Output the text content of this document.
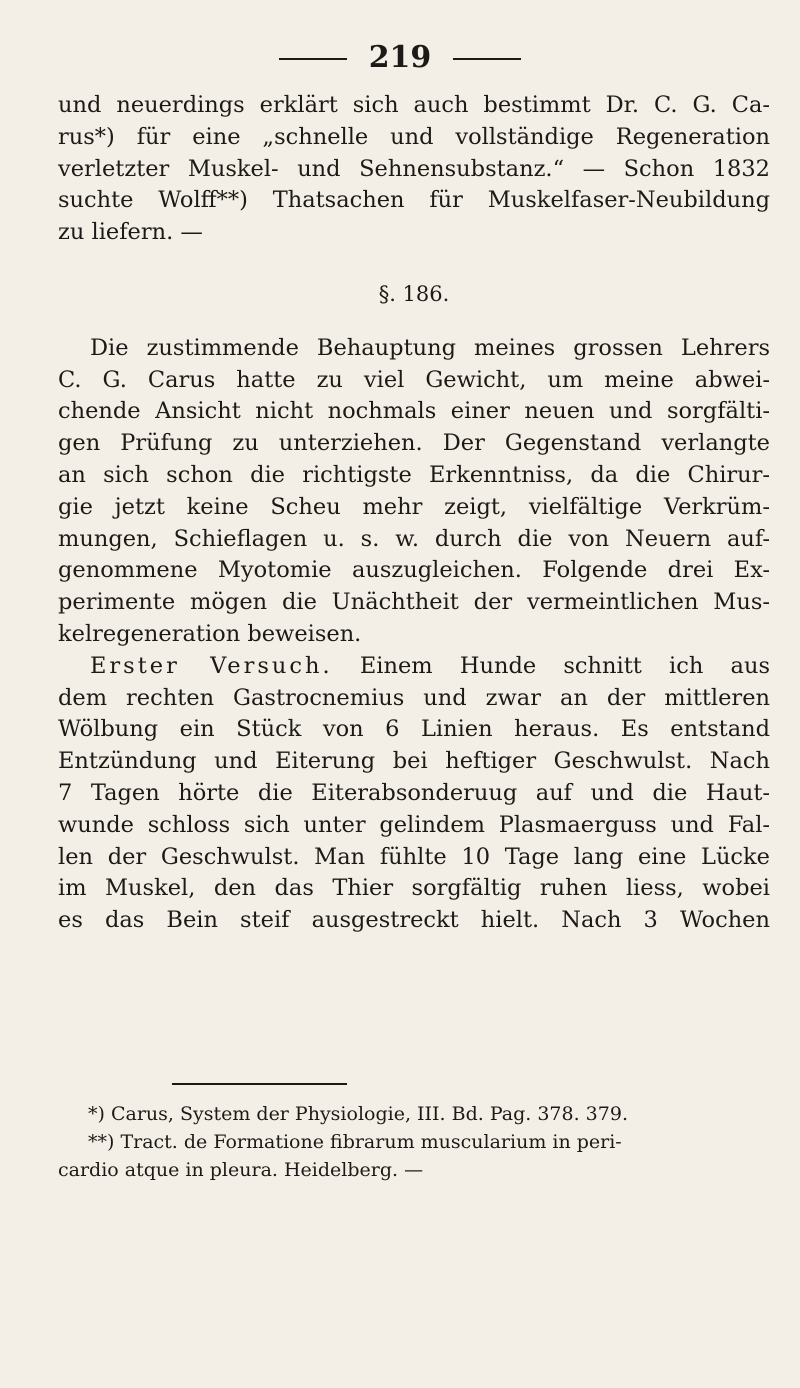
219
und neuerdings erklärt sich auch bestimmt Dr. C. G. Ca-
rus*) für eine „schnelle und vollständige Regeneration
verletzter Muskel- und Sehnensubstanz.“ — Schon 1832
suchte Wolff**) Thatsachen für Muskelfaser-Neubildung
zu liefern. —
§. 186.
Die zustimmende Behauptung meines grossen Lehrers
C. G. Carus hatte zu viel Gewicht, um meine abwei-
chende Ansicht nicht nochmals einer neuen und sorgfälti-
gen Prüfung zu unterziehen. Der Gegenstand verlangte
an sich schon die richtigste Erkenntniss, da die Chirur-
gie jetzt keine Scheu mehr zeigt, vielfältige Verkrüm-
mungen, Schieflagen u. s. w. durch die von Neuern auf-
genommene Myotomie auszugleichen. Folgende drei Ex-
perimente mögen die Unächtheit der vermeintlichen Mus-
kelregeneration beweisen.
Erster Versuch. Einem Hunde schnitt ich aus
dem rechten Gastrocnemius und zwar an der mittleren
Wölbung ein Stück von 6 Linien heraus. Es entstand
Entzündung und Eiterung bei heftiger Geschwulst. Nach
7 Tagen hörte die Eiterabsonderuug auf und die Haut-
wunde schloss sich unter gelindem Plasmaerguss und Fal-
len der Geschwulst. Man fühlte 10 Tage lang eine Lücke
im Muskel, den das Thier sorgfältig ruhen liess, wobei
es das Bein steif ausgestreckt hielt. Nach 3 Wochen
*) Carus, System der Physiologie, III. Bd. Pag. 378. 379.
**) Tract. de Formatione fibrarum muscularium in peri-
cardio atque in pleura. Heidelberg. —
